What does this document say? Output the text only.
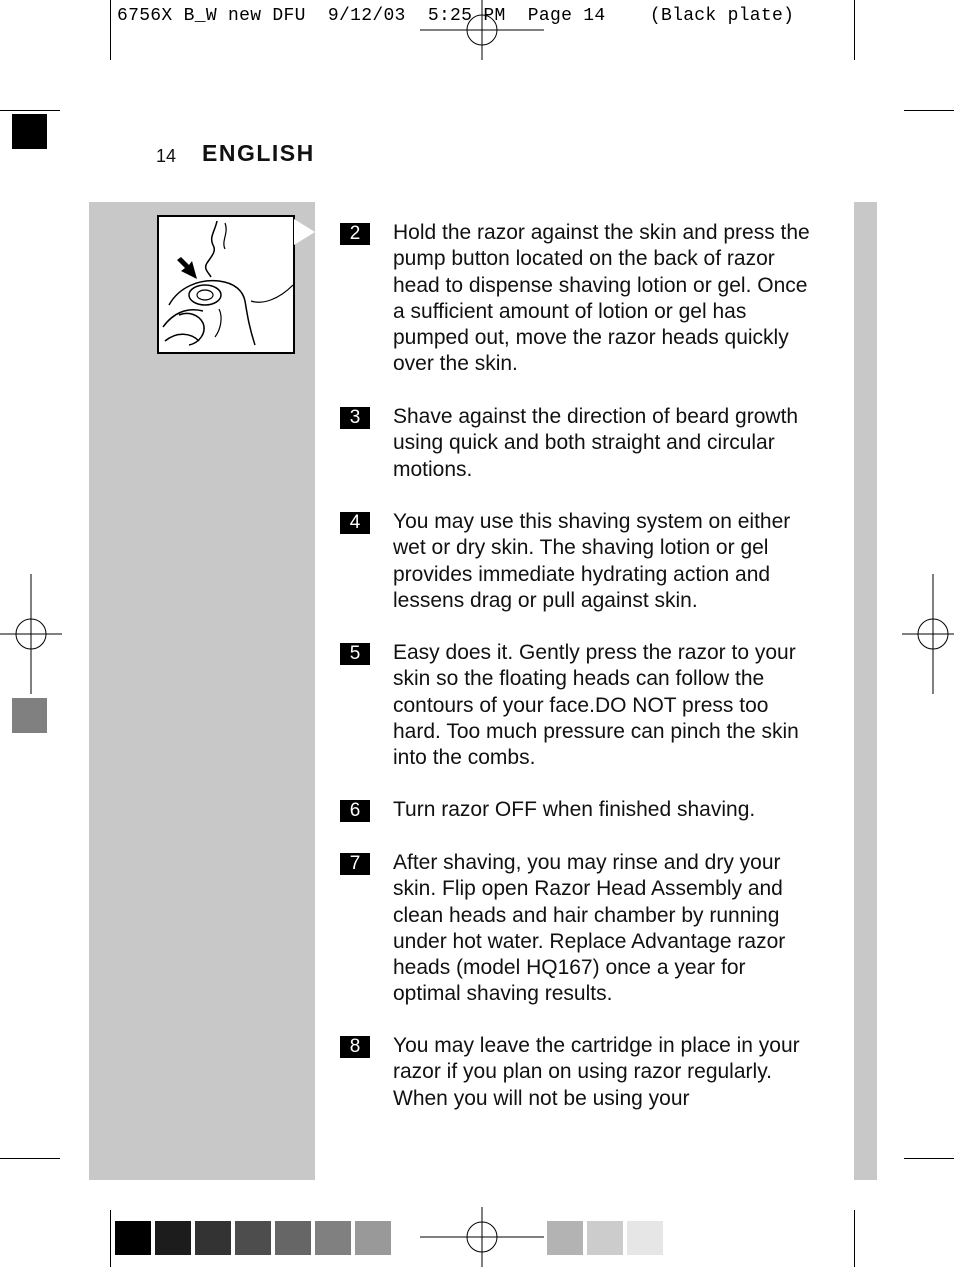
6756X B_W new DFU  9/12/03  5:25 PM  Page 14    (Black plate)
14 ENGLISH
2	Hold the razor against the skin and press the pump button located on the back of razor head to dispense shaving lotion or gel. Once a sufficient amount of lotion or gel has pumped out, move the razor heads quickly over the skin.
3	Shave against the direction of beard growth using quick and both straight and circular motions.
4	You may use this shaving system on either wet or dry skin. The shaving lotion or gel provides immediate hydrating action and lessens drag or pull against skin.
5	Easy does it. Gently press the razor to your skin so the floating heads can follow the contours of your face.DO NOT press too hard. Too much pressure can pinch the skin into the combs.
6	Turn razor OFF when finished shaving.
7	After shaving, you may rinse and dry your skin. Flip open Razor Head Assembly and clean heads and hair chamber by running under hot water. Replace Advantage razor heads (model HQ167) once a year for optimal shaving results.
8	You may leave the cartridge in place in your razor if you plan on using razor regularly. When you will not be using your
